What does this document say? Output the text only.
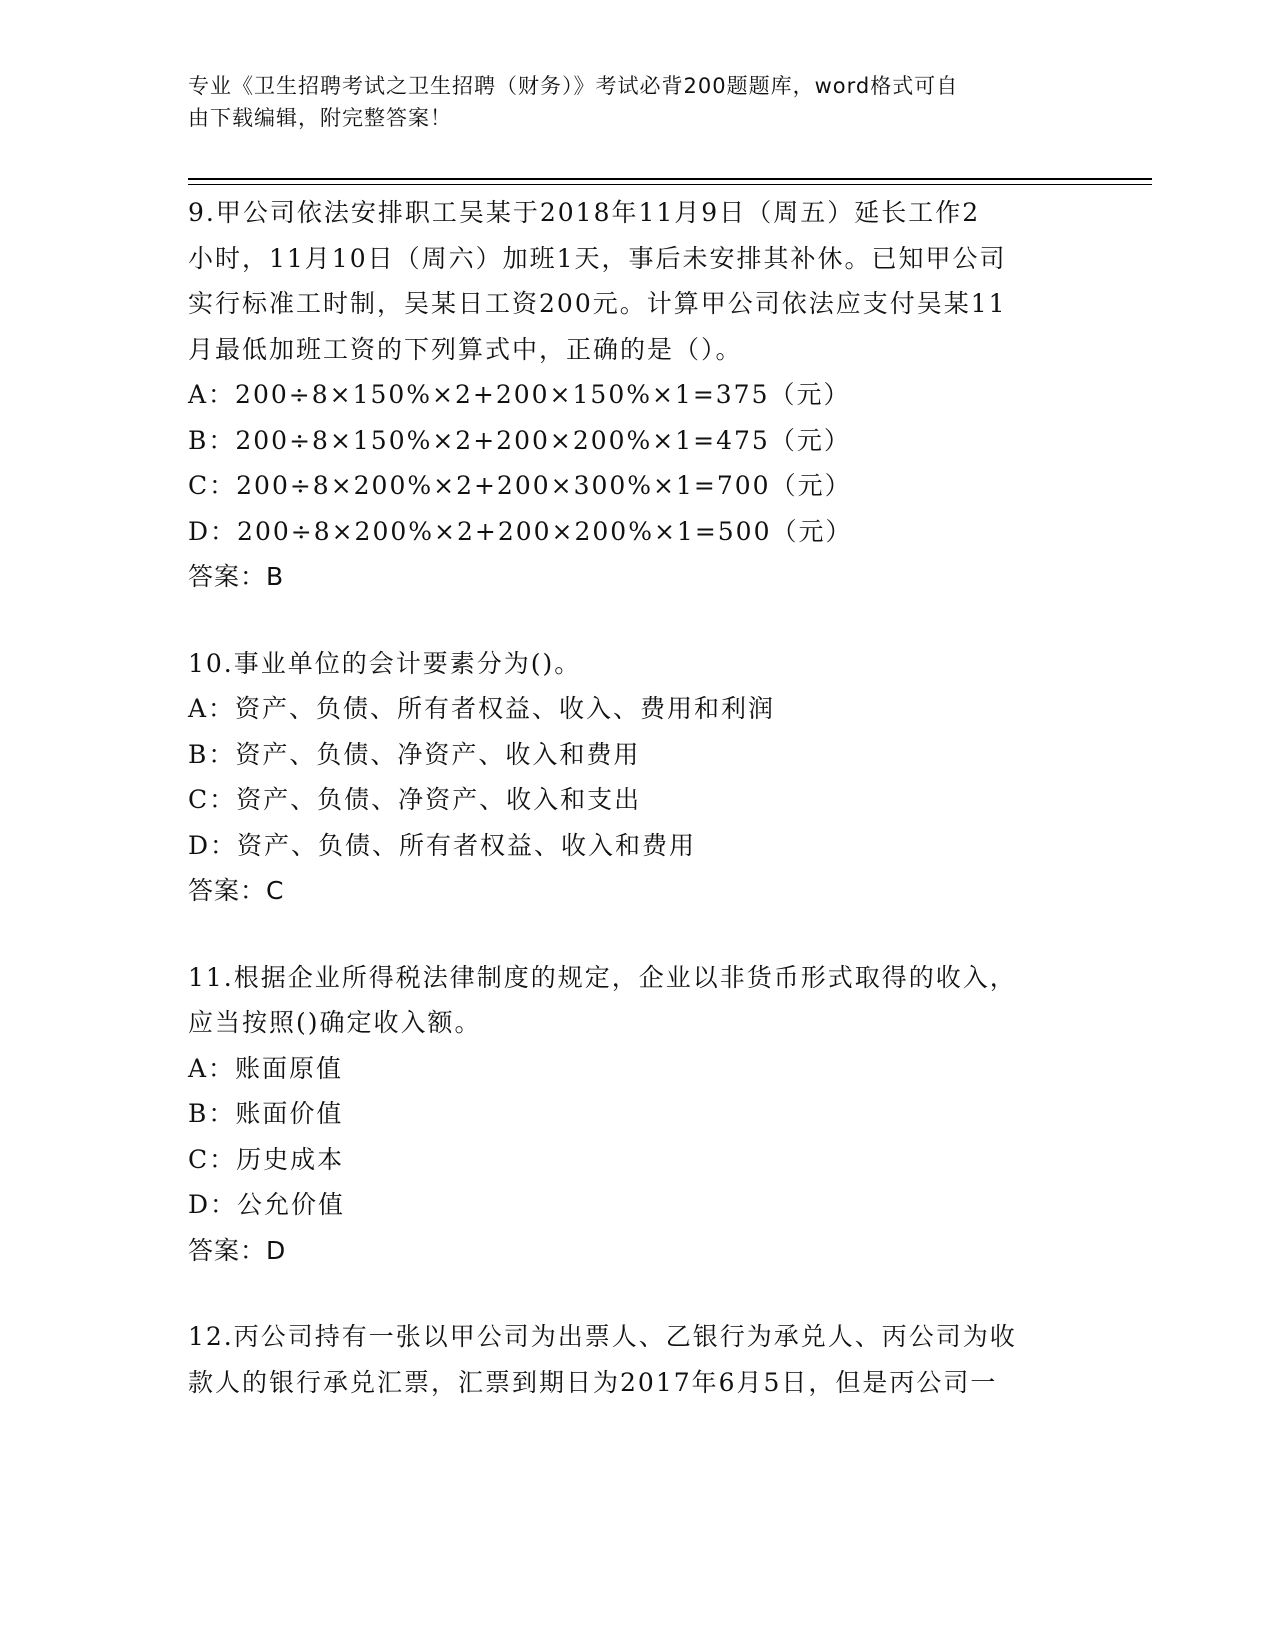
专业《卫生招聘考试之卫生招聘（财务）》考试必背200题题库，word格式可自
由下载编辑，附完整答案！

9.甲公司依法安排职工吴某于2018年11月9日（周五）延长工作2

小时，11月10日（周六）加班1天，事后未安排其补休。已知甲公司

实行标准工时制，吴某日工资200元。计算甲公司依法应支付吴某11

月最低加班工资的下列算式中，正确的是（）。

A：200÷8×150%×2+200×150%×1=375（元）

B：200÷8×150%×2+200×200%×1=475（元）

C：200÷8×200%×2+200×300%×1=700（元）

D：200÷8×200%×2+200×200%×1=500（元）

答案：B

10.事业单位的会计要素分为()。

A：资产、负债、所有者权益、收入、费用和利润

B：资产、负债、净资产、收入和费用

C：资产、负债、净资产、收入和支出

D：资产、负债、所有者权益、收入和费用

答案：C

11.根据企业所得税法律制度的规定，企业以非货币形式取得的收入，

应当按照()确定收入额。

A：账面原值

B：账面价值

C：历史成本

D：公允价值

答案：D

12.丙公司持有一张以甲公司为出票人、乙银行为承兑人、丙公司为收

款人的银行承兑汇票，汇票到期日为2017年6月5日，但是丙公司一
